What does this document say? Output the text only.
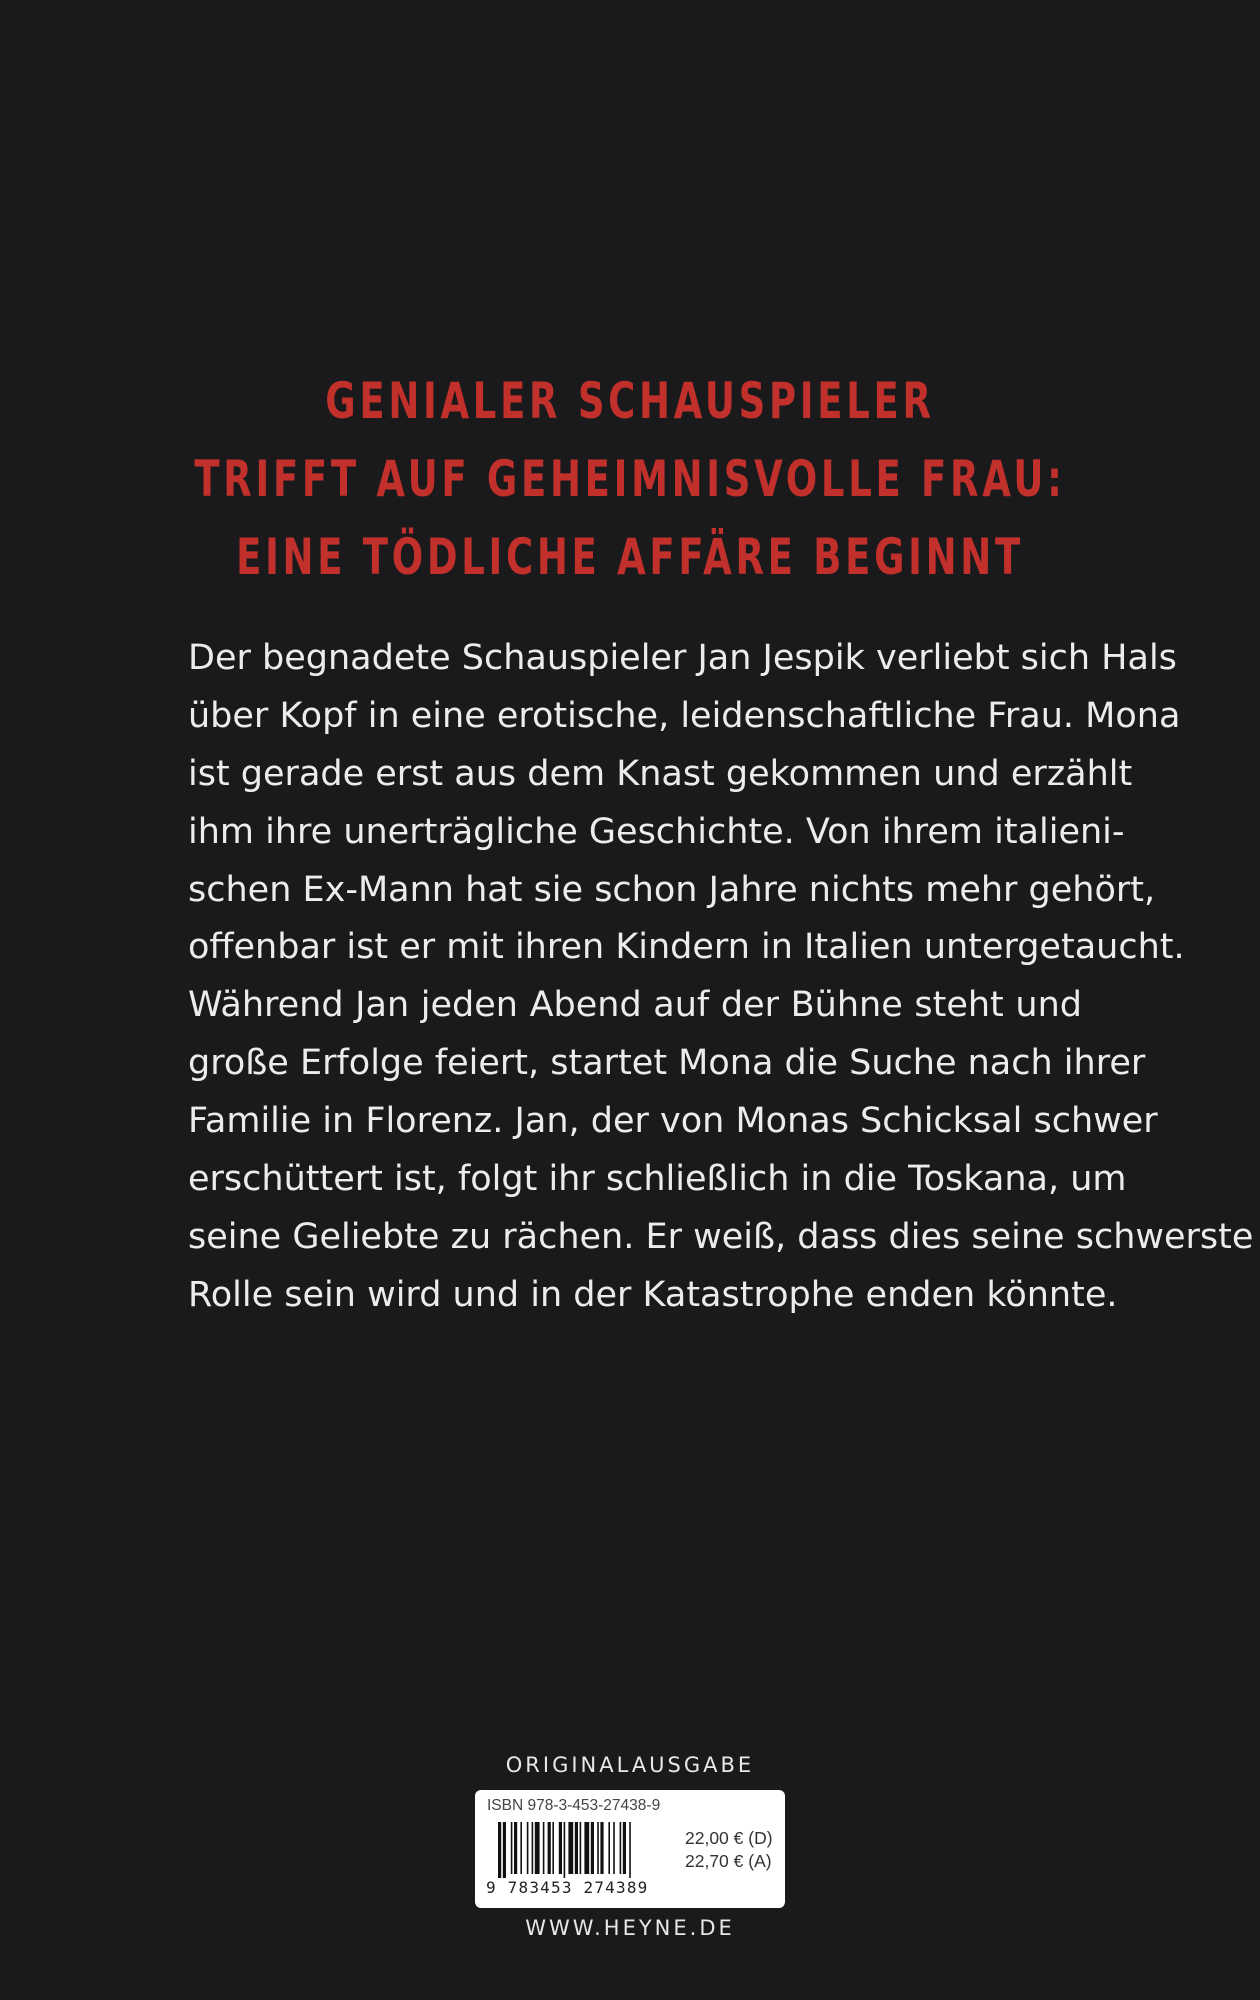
GENIALER SCHAUSPIELER
TRIFFT AUF GEHEIMNISVOLLE FRAU:
EINE TÖDLICHE AFFÄRE BEGINNT
Der begnadete Schauspieler Jan Jespik verliebt sich Hals
über Kopf in eine erotische, leidenschaftliche Frau. Mona
ist gerade erst aus dem Knast gekommen und erzählt
ihm ihre unerträgliche Geschichte. Von ihrem italieni-
schen Ex-Mann hat sie schon Jahre nichts mehr gehört,
offenbar ist er mit ihren Kindern in Italien untergetaucht.
Während Jan jeden Abend auf der Bühne steht und
große Erfolge feiert, startet Mona die Suche nach ihrer
Familie in Florenz. Jan, der von Monas Schicksal schwer
erschüttert ist, folgt ihr schließlich in die Toskana, um
seine Geliebte zu rächen. Er weiß, dass dies seine schwerste
Rolle sein wird und in der Katastrophe enden könnte.
ORIGINALAUSGABE
ISBN 978-3-453-27438-9
9 783453 274389
22,00 € (D)
22,70 € (A)
WWW.HEYNE.DE
